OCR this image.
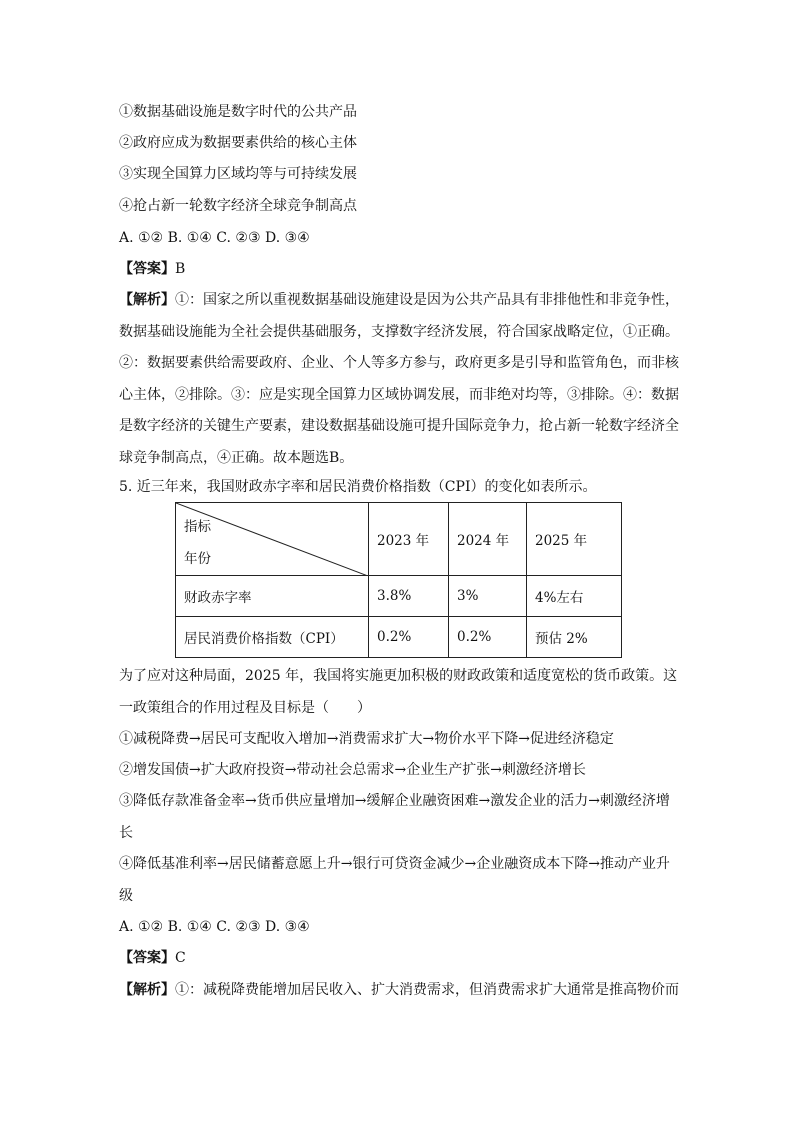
①数据基础设施是数字时代的公共产品
②政府应成为数据要素供给的核心主体
③实现全国算力区域均等与可持续发展
④抢占新一轮数字经济全球竞争制高点
A. ①② B. ①④ C. ②③ D. ③④
【答案】B
【解析】①：国家之所以重视数据基础设施建设是因为公共产品具有非排他性和非竞争性，数据基础设施能为全社会提供基础服务，支撑数字经济发展，符合国家战略定位，①正确。②：数据要素供给需要政府、企业、个人等多方参与，政府更多是引导和监管角色，而非核心主体，②排除。③：应是实现全国算力区域协调发展，而非绝对均等，③排除。④：数据是数字经济的关键生产要素，建设数据基础设施可提升国际竞争力，抢占新一轮数字经济全球竞争制高点，④正确。故本题选B。
5. 近三年来，我国财政赤字率和居民消费价格指数（CPI）的变化如表所示。
指标
年份	2023 年	2024 年	2025 年
财政赤字率	3.8%	3%	4%左右
居民消费价格指数（CPI）	0.2%	0.2%	预估 2%
为了应对这种局面，2025 年，我国将实施更加积极的财政政策和适度宽松的货币政策。这一政策组合的作用过程及目标是（　　）
①减税降费→居民可支配收入增加→消费需求扩大→物价水平下降→促进经济稳定
②增发国债→扩大政府投资→带动社会总需求→企业生产扩张→刺激经济增长
③降低存款准备金率→货币供应量增加→缓解企业融资困难→激发企业的活力→刺激经济增长
④降低基准利率→居民储蓄意愿上升→银行可贷资金减少→企业融资成本下降→推动产业升级
A. ①② B. ①④ C. ②③ D. ③④
【答案】C
【解析】①：减税降费能增加居民收入、扩大消费需求，但消费需求扩大通常是推高物价而
